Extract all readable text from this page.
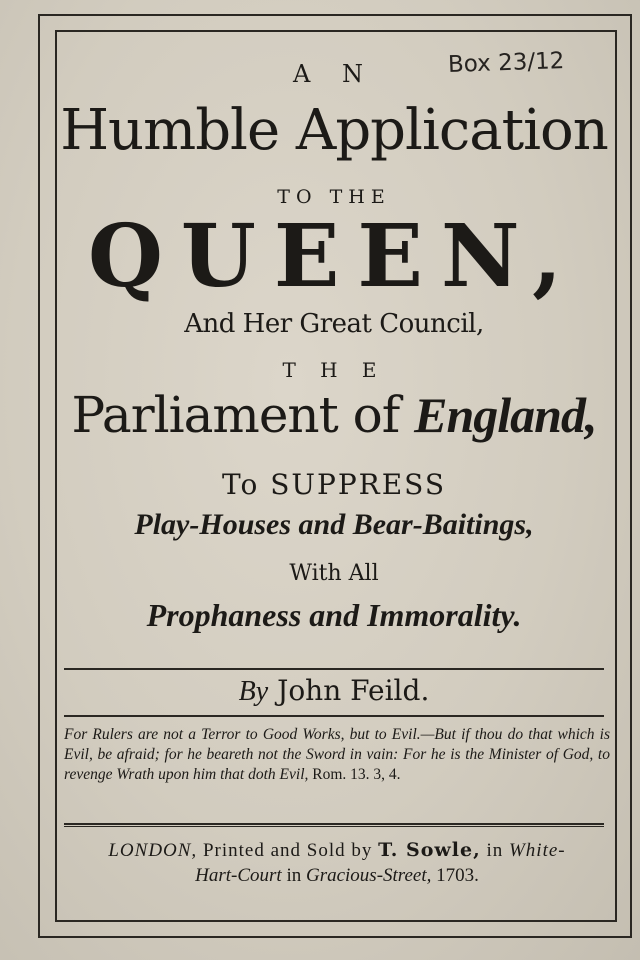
A N	Box 23/12
Humble Application
TO THE
QUEEN,
And Her Great Council,
T H E
Parliament of England,
To SUPPRESS
Play-Houses and Bear-Baitings,
With All
Prophaness and Immorality.
By John Feild.
For Rulers are not a Terror to Good Works, but to Evil.—But if thou do that which is Evil, be afraid; for he beareth not the Sword in vain: For he is the Minister of God, to revenge Wrath upon him that doth Evil, Rom. 13. 3, 4.
LONDON, Printed and Sold by T. Sowle, in White-
Hart-Court in Gracious-Street, 1703.
